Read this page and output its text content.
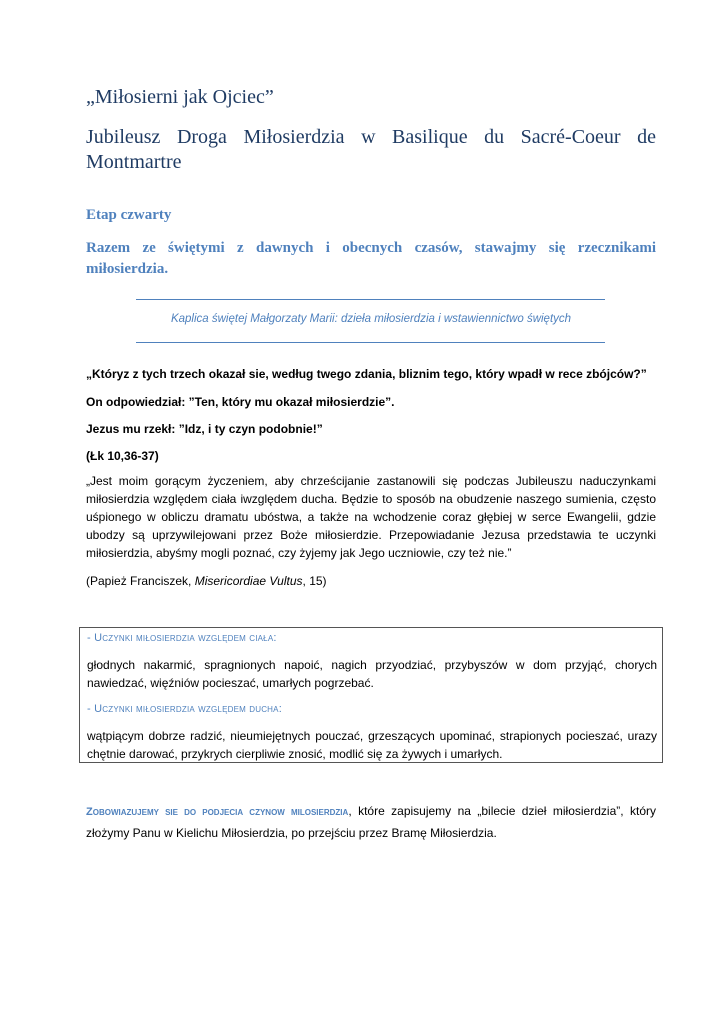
„Miłosierni jak Ojciec”
Jubileusz Droga Miłosierdzia w Basilique du Sacré-Coeur de Montmartre
Etap czwarty

Razem ze świętymi z dawnych i obecnych czasów, stawajmy się rzecznikami miłosierdzia.

Kaplica świętej Małgorzaty Marii: dzieła miłosierdzia i wstawiennictwo świętych

„Któryz z tych trzech okazał sie, według twego zdania, bliznim tego, który wpadł w rece zbójców?”

On odpowiedział: ”Ten, który mu okazał miłosierdzie”.

Jezus mu rzekł: ”Idz, i ty czyn podobnie!”

(Łk 10,36-37)

„Jest moim gorącym życzeniem, aby chrześcijanie zastanowili się podczas Jubileuszu naduczynkami miłosierdzia względem ciała iwzględem ducha. Będzie to sposób na obudzenie naszego sumienia, często uśpionego w obliczu dramatu ubóstwa, a także na wchodzenie coraz głębiej w serce Ewangelii, gdzie ubodzy są uprzywilejowani przez Boże miłosierdzie. Przepowiadanie Jezusa przedstawia te uczynki miłosierdzia, abyśmy mogli poznać, czy żyjemy jak Jego uczniowie, czy też nie.”

(Papież Franciszek, Misericordiae Vultus, 15)

- Uczynki miłosierdzia względem ciała:

głodnych nakarmić, spragnionych napoić, nagich przyodziać, przybyszów w dom przyjąć, chorych nawiedzać, więźniów pocieszać, umarłych pogrzebać.

- Uczynki miłosierdzia względem ducha:

wątpiącym dobrze radzić, nieumiejętnych pouczać, grzeszących upominać, strapionych pocieszać, urazy chętnie darować, przykrych cierpliwie znosić, modlić się za żywych i umarłych.

Zobowiazujemy sie do podjecia czynow milosierdzia, które zapisujemy na „bilecie dzieł miłosierdzia”, który złożymy Panu w Kielichu Miłosierdzia, po przejściu przez Bramę Miłosierdzia.
